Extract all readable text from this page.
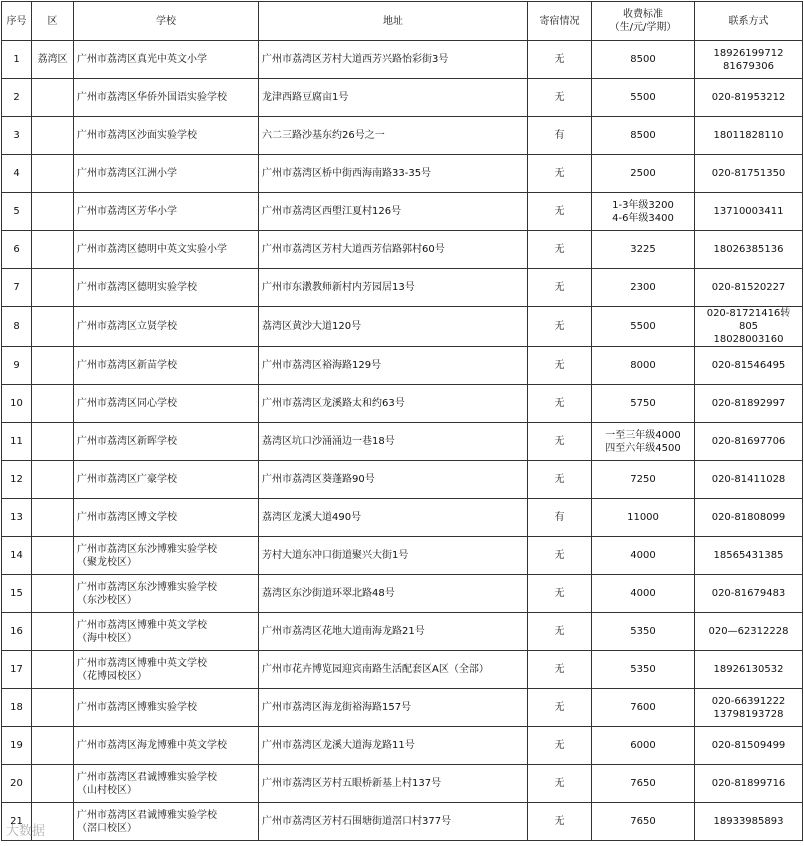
序号	区	学校	地址	寄宿情况	收费标准
（生/元/学期）	联系方式
1	荔湾区	广州市荔湾区真光中英文小学	广州市荔湾区芳村大道西芳兴路怡彩街3号	无	8500	18926199712
81679306
2		广州市荔湾区华侨外国语实验学校	龙津西路豆腐亩1号	无	5500	020-81953212
3		广州市荔湾区沙面实验学校	六二三路沙基东约26号之一	有	8500	18011828110
4		广州市荔湾区江洲小学	广州市荔湾区桥中街西海南路33-35号	无	2500	020-81751350
5		广州市荔湾区芳华小学	广州市荔湾区西塱江夏村126号	无	1-3年级3200
4-6年级3400	13710003411
6		广州市荔湾区德明中英文实验小学	广州市荔湾区芳村大道西芳信路郭村60号	无	3225	18026385136
7		广州市荔湾区德明实验学校	广州市东漖教师新村内芳园居13号	无	2300	020-81520227
8		广州市荔湾区立贤学校	荔湾区黄沙大道120号	无	5500	020-81721416转805
18028003160
9		广州市荔湾区新苗学校	广州市荔湾区裕海路129号	无	8000	020-81546495
10		广州市荔湾区同心学校	广州市荔湾区龙溪路太和约63号	无	5750	020-81892997
11		广州市荔湾区新晖学校	荔湾区坑口沙涌涌边一巷18号	无	一至三年级4000
四至六年级4500	020-81697706
12		广州市荔湾区广豪学校	广州市荔湾区葵蓬路90号	无	7250	020-81411028
13		广州市荔湾区博文学校	荔湾区龙溪大道490号	有	11000	020-81808099
14		广州市荔湾区东沙博雅实验学校
（聚龙校区）	芳村大道东冲口街道聚兴大街1号	无	4000	18565431385
15		广州市荔湾区东沙博雅实验学校
（东沙校区）	荔湾区东沙街道环翠北路48号	无	4000	020-81679483
16		广州市荔湾区博雅中英文学校
（海中校区）	广州市荔湾区花地大道南海龙路21号	无	5350	020—62312228
17		广州市荔湾区博雅中英文学校
（花博园校区）	广州市花卉博览园迎宾南路生活配套区A区（全部）	无	5350	18926130532
18		广州市荔湾区博雅实验学校	广州市荔湾区海龙街裕海路157号	无	7600	020-66391222
13798193728
19		广州市荔湾区海龙博雅中英文学校	广州市荔湾区龙溪大道海龙路11号	无	6000	020-81509499
20		广州市荔湾区君诚博雅实验学校
（山村校区）	广州市荔湾区芳村五眼桥新基上村137号	无	7650	020-81899716
21		广州市荔湾区君诚博雅实验学校
（滘口校区）	广州市荔湾区芳村石围塘街道滘口村377号	无	7650	18933985893
大数据
